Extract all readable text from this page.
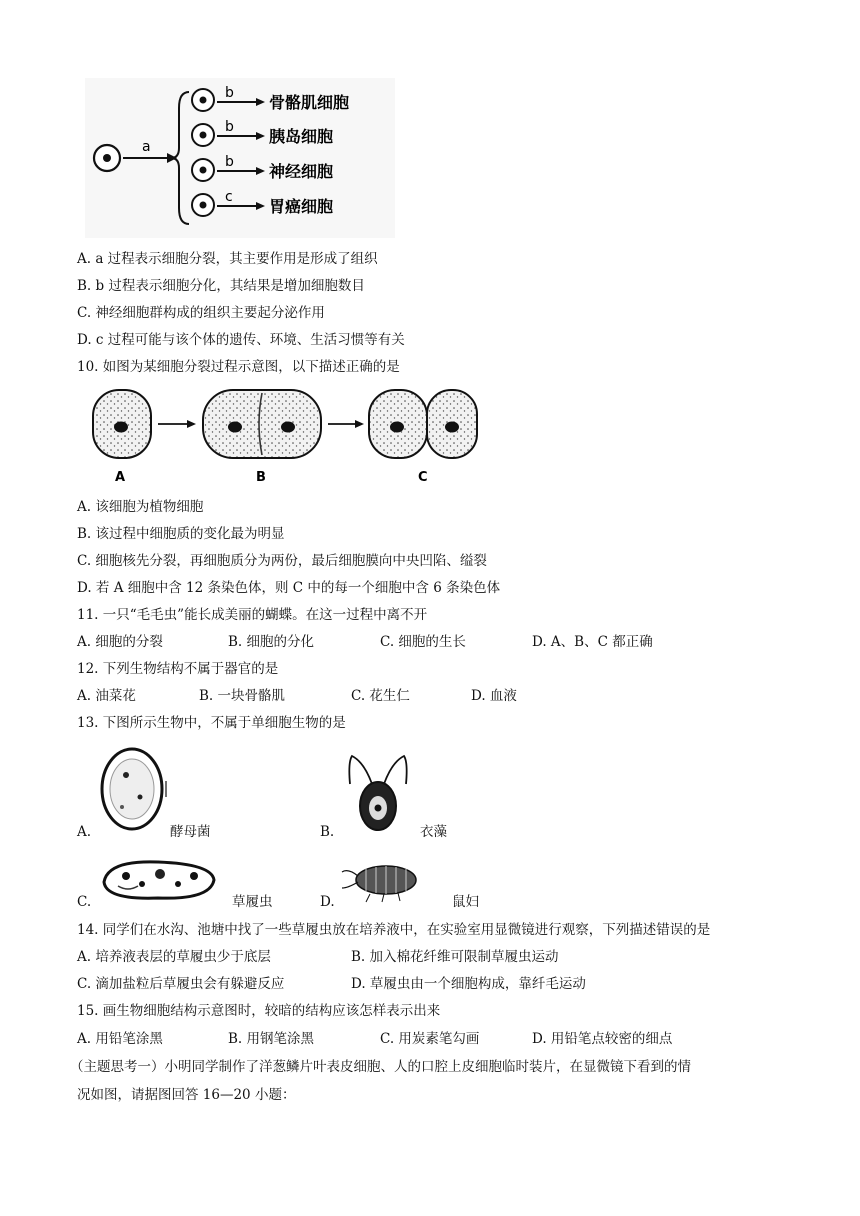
a
b 骨骼肌细胞
b 胰岛细胞
b 神经细胞
c 胃癌细胞
A. a 过程表示细胞分裂，其主要作用是形成了组织
B. b 过程表示细胞分化，其结果是增加细胞数目
C. 神经细胞群构成的组织主要起分泌作用
D. c 过程可能与该个体的遗传、环境、生活习惯等有关
10. 如图为某细胞分裂过程示意图，以下描述正确的是
A	B	C
A. 该细胞为植物细胞
B. 该过程中细胞质的变化最为明显
C. 细胞核先分裂，再细胞质分为两份，最后细胞膜向中央凹陷、缢裂
D. 若 A 细胞中含 12 条染色体，则 C 中的每一个细胞中含 6 条染色体
11. 一只“毛毛虫”能长成美丽的蝴蝶。在这一过程中离不开
A. 细胞的分裂	B. 细胞的分化	C. 细胞的生长	D. A、B、C 都正确
12. 下列生物结构不属于器官的是
A. 油菜花	B. 一块骨骼肌	C. 花生仁	D. 血液
13. 下图所示生物中，不属于单细胞生物的是
A.	酵母菌	B.	衣藻
C.	草履虫	D.	鼠妇
14. 同学们在水沟、池塘中找了一些草履虫放在培养液中，在实验室用显微镜进行观察，下列描述错误的是
A. 培养液表层的草履虫少于底层	B. 加入棉花纤维可限制草履虫运动
C. 滴加盐粒后草履虫会有躲避反应	D. 草履虫由一个细胞构成，靠纤毛运动
15. 画生物细胞结构示意图时，较暗的结构应该怎样表示出来
A. 用铅笔涂黑	B. 用钢笔涂黑	C. 用炭素笔勾画	D. 用铅笔点较密的细点
（主题思考一）小明同学制作了洋葱鳞片叶表皮细胞、人的口腔上皮细胞临时装片，在显微镜下看到的情
况如图，请据图回答 16—20 小题：
